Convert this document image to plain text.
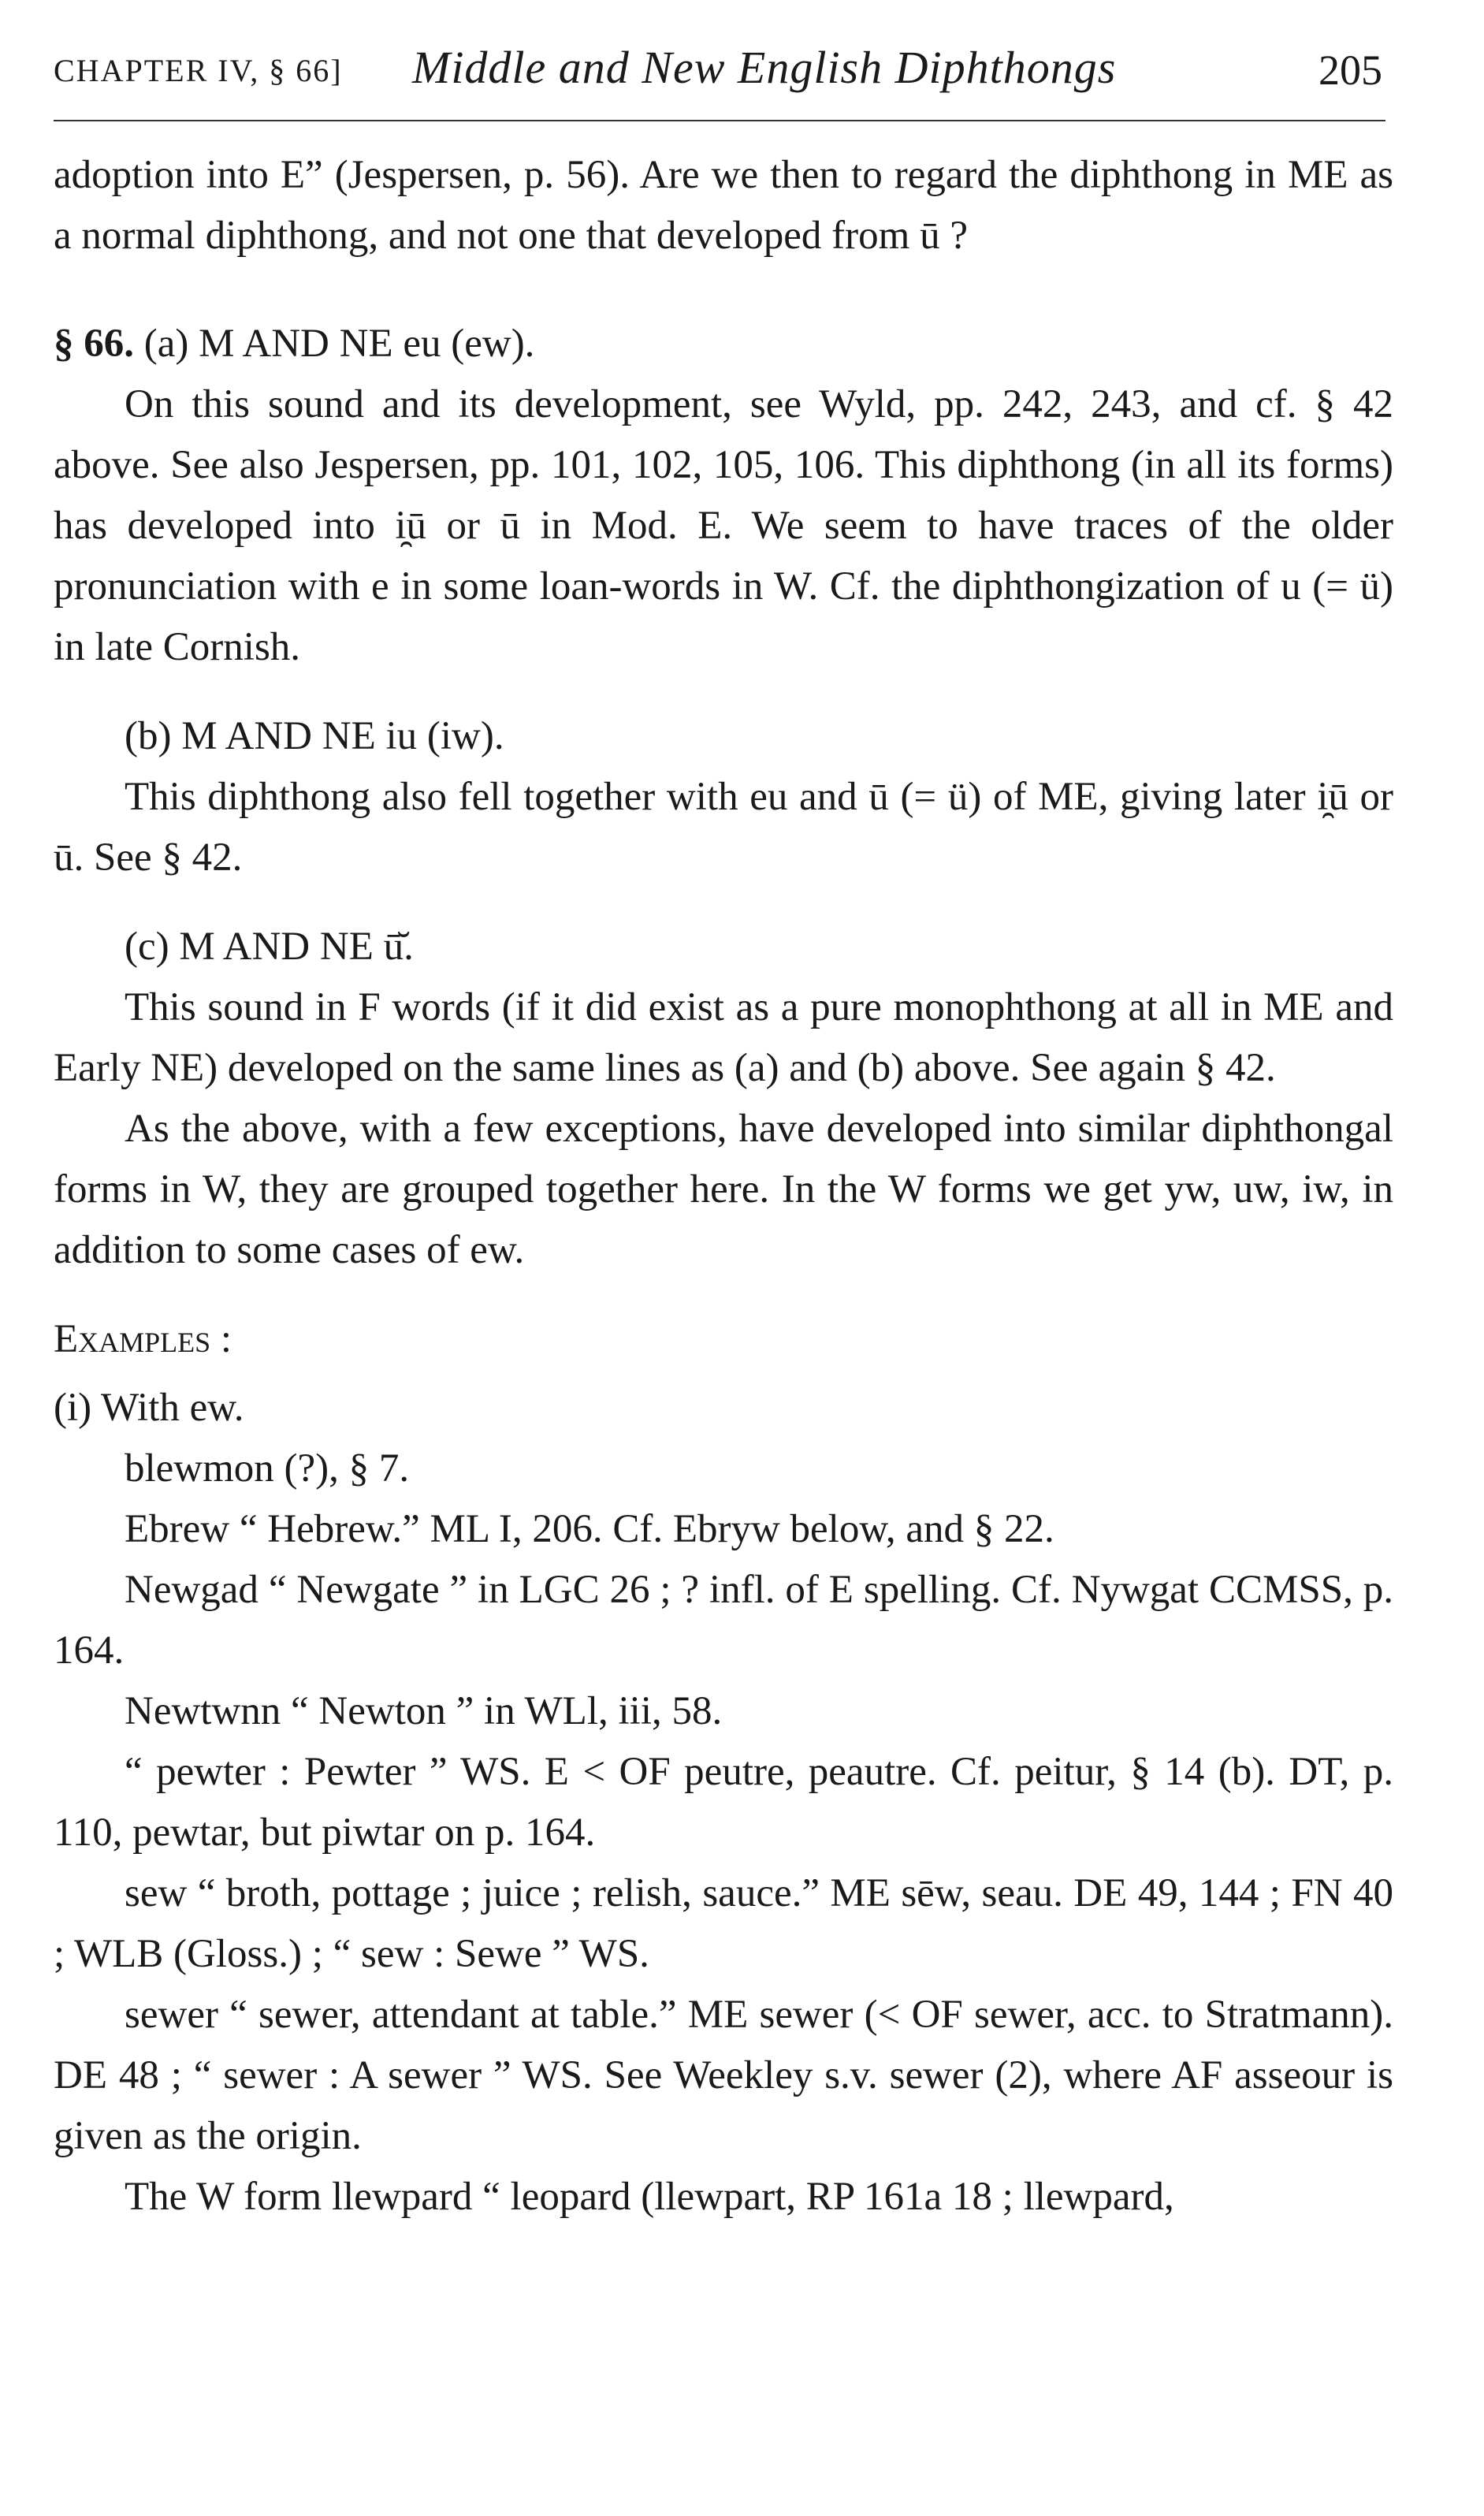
CHAPTER IV, § 66] Middle and New English Diphthongs	205

adoption into E” (Jespersen, p. 56). Are we then to regard the diphthong in ME as a normal diphthong, and not one that developed from ū ?

§ 66. (a) M AND NE eu (ew).

On this sound and its development, see Wyld, pp. 242, 243, and cf. § 42 above. See also Jespersen, pp. 101, 102, 105, 106. This diphthong (in all its forms) has developed into i̯ū or ū in Mod. E. We seem to have traces of the older pronunciation with e in some loan-words in W. Cf. the diphthongization of u (= ü) in late Cornish.

(b) M AND NE iu (iw).

This diphthong also fell together with eu and ū (= ü) of ME, giving later i̯ū or ū. See § 42.

(c) M AND NE ū̆.

This sound in F words (if it did exist as a pure monophthong at all in ME and Early NE) developed on the same lines as (a) and (b) above. See again § 42.

As the above, with a few exceptions, have developed into similar diphthongal forms in W, they are grouped together here. In the W forms we get yw, uw, iw, in addition to some cases of ew.

Examples :

(i) With ew.

blewmon (?), § 7.

Ebrew “ Hebrew.” ML I, 206. Cf. Ebryw below, and § 22.

Newgad “ Newgate ” in LGC 26 ; ? infl. of E spelling. Cf. Nywgat CCMSS, p. 164.

Newtwnn “ Newton ” in WLl, iii, 58.

“ pewter : Pewter ” WS. E < OF peutre, peautre. Cf. peitur, § 14 (b). DT, p. 110, pewtar, but piwtar on p. 164.

sew “ broth, pottage ; juice ; relish, sauce.” ME sēw, seau. DE 49, 144 ; FN 40 ; WLB (Gloss.) ; “ sew : Sewe ” WS.

sewer “ sewer, attendant at table.” ME sewer (< OF sewer, acc. to Stratmann). DE 48 ; “ sewer : A sewer ” WS. See Weekley s.v. sewer (2), where AF asseour is given as the origin.

The W form llewpard “ leopard (llewpart, RP 161a 18 ; llewpard,
